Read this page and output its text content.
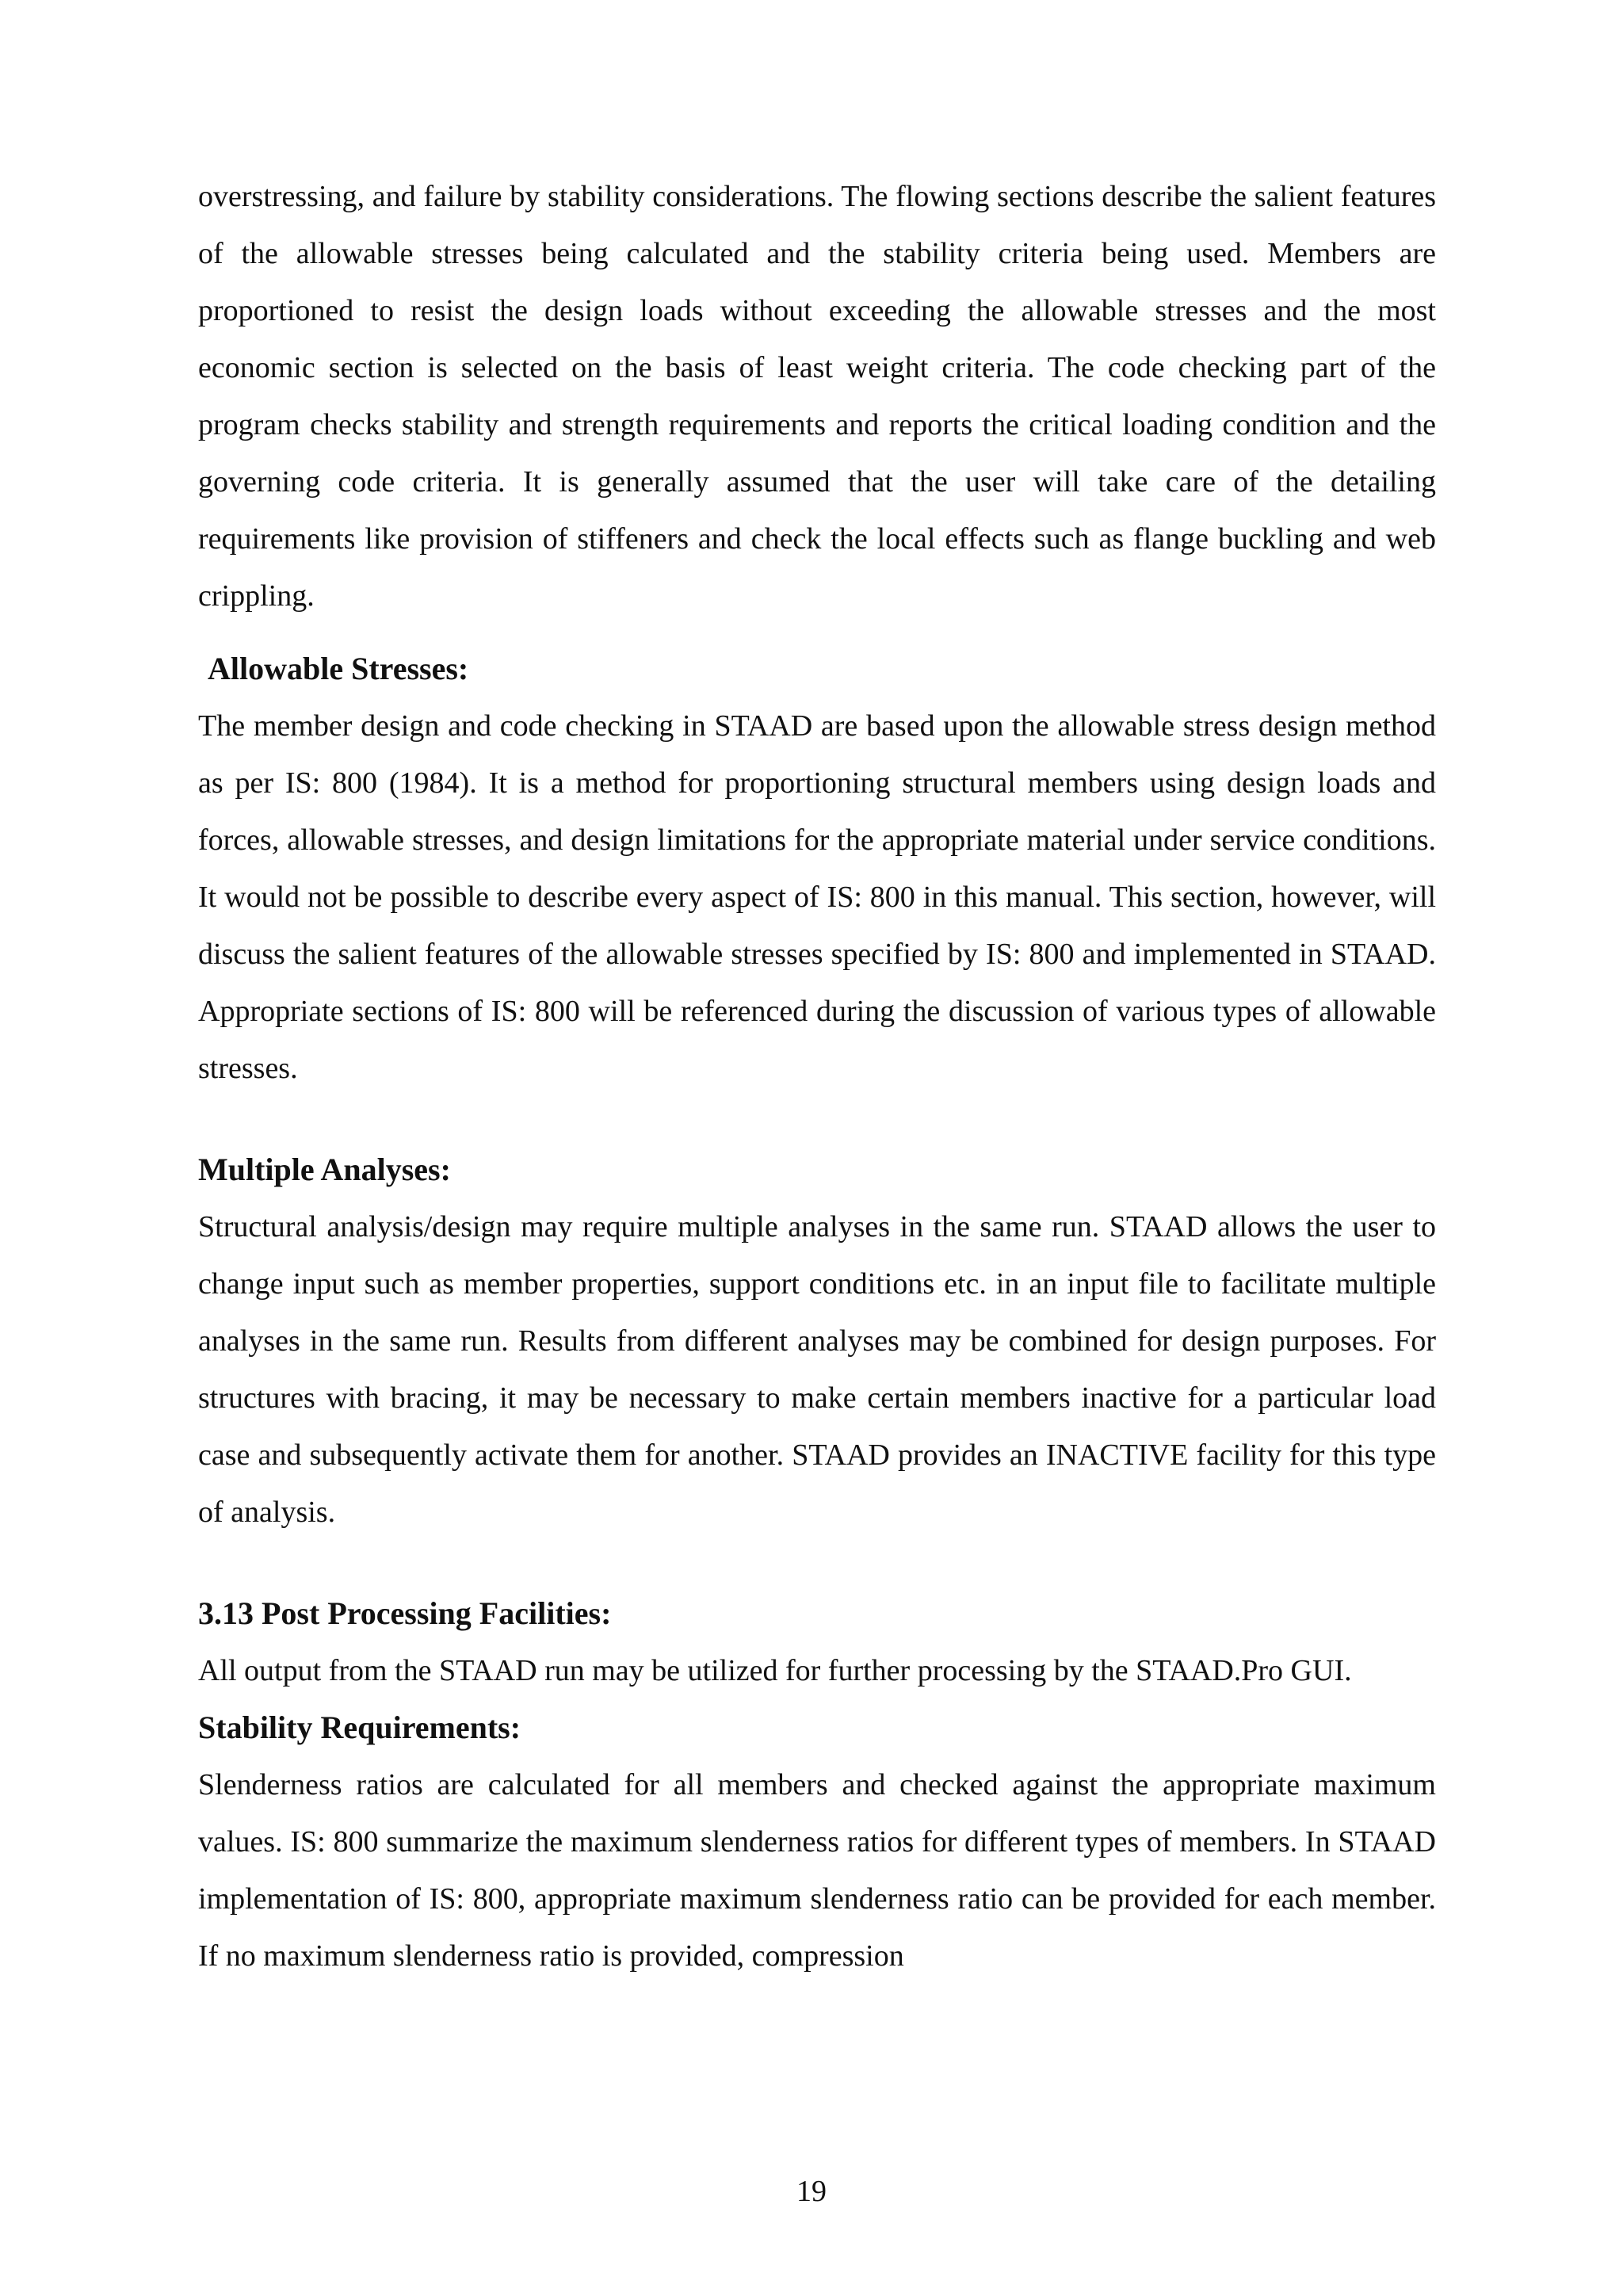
overstressing, and failure by stability considerations. The flowing sections describe the salient features of the allowable stresses being calculated and the stability criteria being used. Members are proportioned to resist the design loads without exceeding the allowable stresses and the most economic section is selected on the basis of least weight criteria. The code checking part of the program checks stability and strength requirements and reports the critical loading condition and the governing code criteria. It is generally assumed that the user will take care of the detailing requirements like provision of stiffeners and check the local effects such as flange buckling and web crippling.

Allowable Stresses:

The member design and code checking in STAAD are based upon the allowable stress design method as per IS: 800 (1984). It is a method for proportioning structural members using design loads and forces, allowable stresses, and design limitations for the appropriate material under service conditions. It would not be possible to describe every aspect of IS: 800 in this manual. This section, however, will discuss the salient features of the allowable stresses specified by IS: 800 and implemented in STAAD. Appropriate sections of IS: 800 will be referenced during the discussion of various types of allowable stresses.

Multiple Analyses:

Structural analysis/design may require multiple analyses in the same run. STAAD allows the user to change input such as member properties, support conditions etc. in an input file to facilitate multiple analyses in the same run. Results from different analyses may be combined for design purposes. For structures with bracing, it may be necessary to make certain members inactive for a particular load case and subsequently activate them for another. STAAD provides an INACTIVE facility for this type of analysis.

3.13 Post Processing Facilities:

All output from the STAAD run may be utilized for further processing by the STAAD.Pro GUI.

Stability Requirements:

Slenderness ratios are calculated for all members and checked against the appropriate maximum values. IS: 800 summarize the maximum slenderness ratios for different types of members. In STAAD implementation of IS: 800, appropriate maximum slenderness ratio can be provided for each member. If no maximum slenderness ratio is provided, compression

19
